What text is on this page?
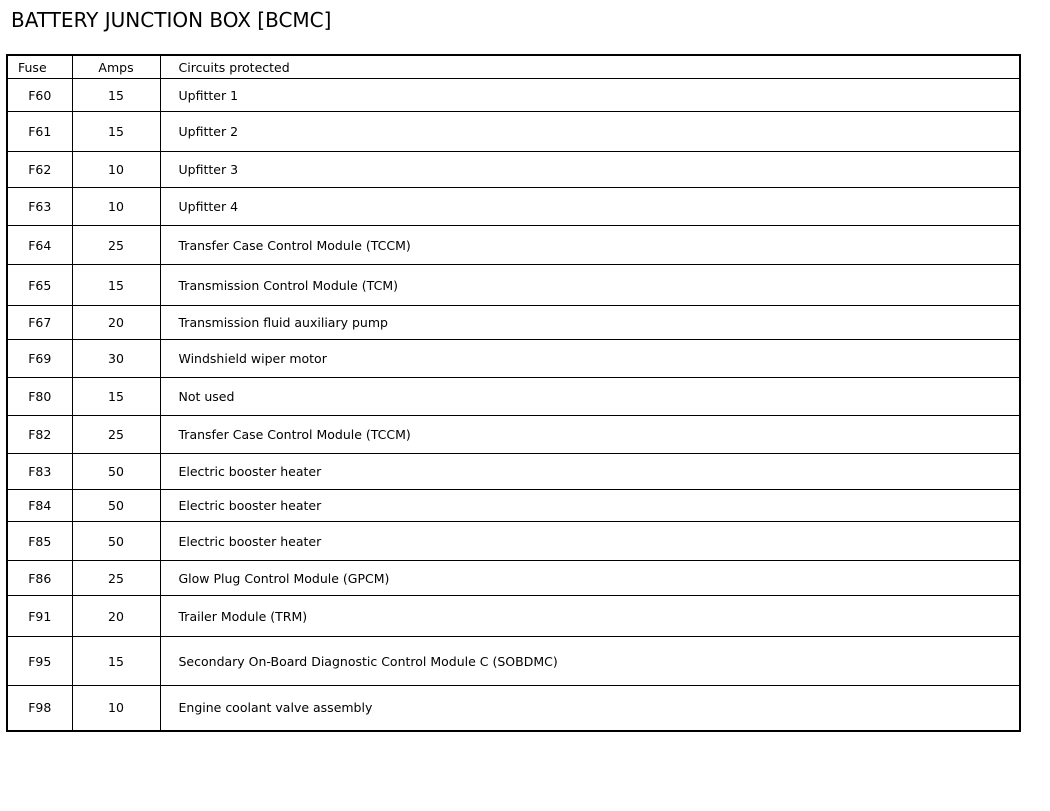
BATTERY JUNCTION BOX [BCMC]
Fuse	Amps	Circuits protected
F60	15	Upfitter 1
F61	15	Upfitter 2
F62	10	Upfitter 3
F63	10	Upfitter 4
F64	25	Transfer Case Control Module (TCCM)
F65	15	Transmission Control Module (TCM)
F67	20	Transmission fluid auxiliary pump
F69	30	Windshield wiper motor
F80	15	Not used
F82	25	Transfer Case Control Module (TCCM)
F83	50	Electric booster heater
F84	50	Electric booster heater
F85	50	Electric booster heater
F86	25	Glow Plug Control Module (GPCM)
F91	20	Trailer Module (TRM)
F95	15	Secondary On-Board Diagnostic Control Module C (SOBDMC)
F98	10	Engine coolant valve assembly
